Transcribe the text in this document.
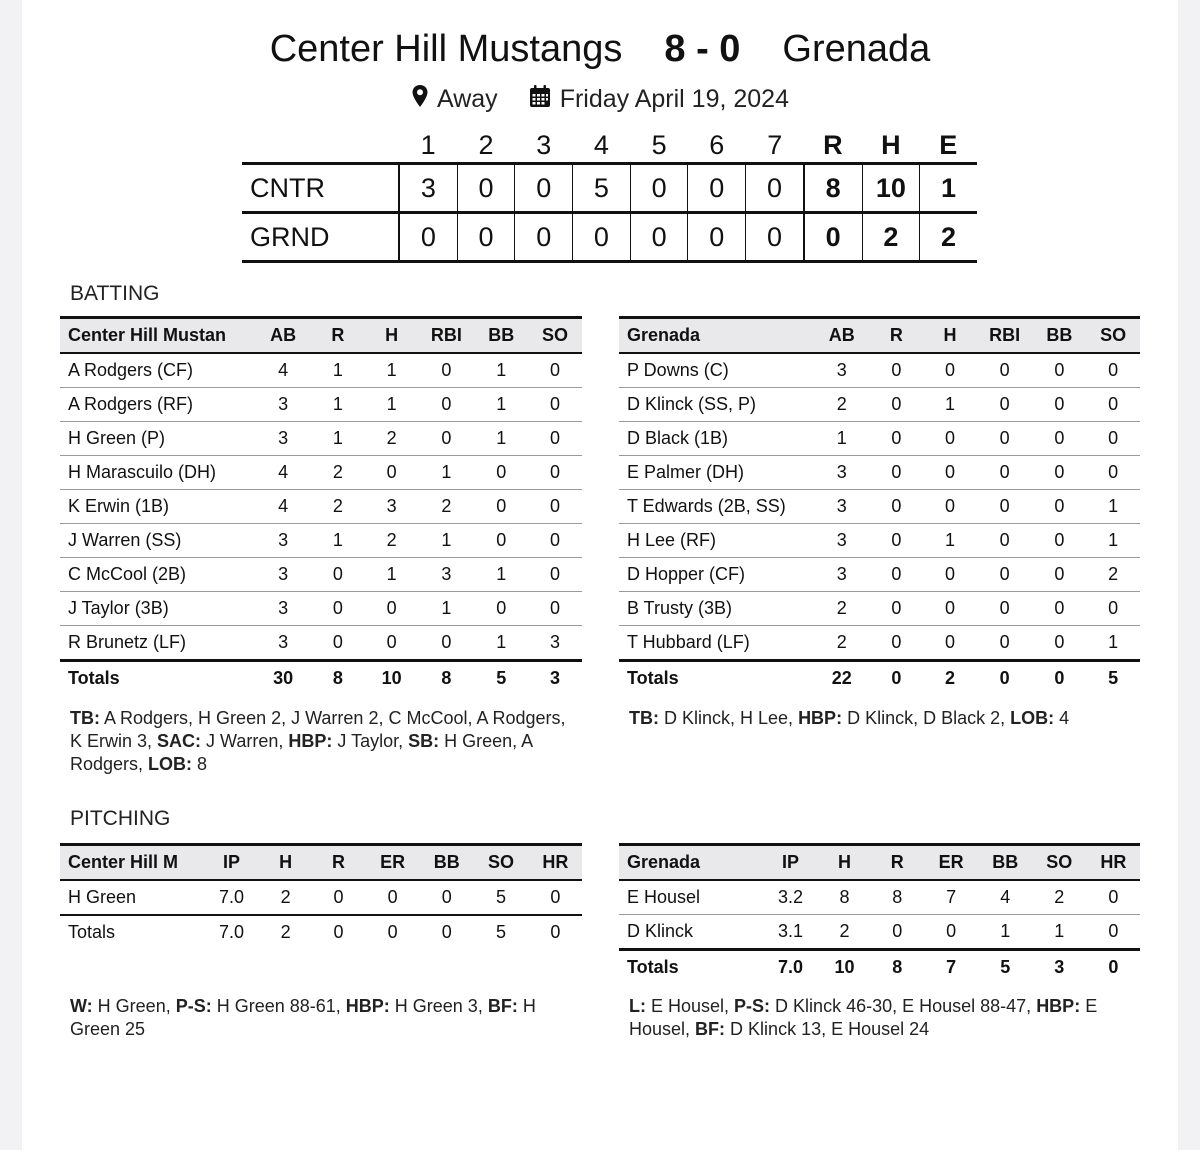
Center Hill Mustangs 8 - 0 Grenada
Away Friday April 19, 2024
	1	2	3	4	5	6	7	R	H	E
CNTR	3	0	0	5	0	0	0	8	10	1
GRND	0	0	0	0	0	0	0	0	2	2
BATTING
Center Hill Mustan	AB	R	H	RBI	BB	SO
A Rodgers (CF)	4	1	1	0	1	0
A Rodgers (RF)	3	1	1	0	1	0
H Green (P)	3	1	2	0	1	0
H Marascuilo (DH)	4	2	0	1	0	0
K Erwin (1B)	4	2	3	2	0	0
J Warren (SS)	3	1	2	1	0	0
C McCool (2B)	3	0	1	3	1	0
J Taylor (3B)	3	0	0	1	0	0
R Brunetz (LF)	3	0	0	0	1	3
Totals	30	8	10	8	5	3
Grenada	AB	R	H	RBI	BB	SO
P Downs (C)	3	0	0	0	0	0
D Klinck (SS, P)	2	0	1	0	0	0
D Black (1B)	1	0	0	0	0	0
E Palmer (DH)	3	0	0	0	0	0
T Edwards (2B, SS)	3	0	0	0	0	1
H Lee (RF)	3	0	1	0	0	1
D Hopper (CF)	3	0	0	0	0	2
B Trusty (3B)	2	0	0	0	0	0
T Hubbard (LF)	2	0	0	0	0	1
Totals	22	0	2	0	0	5
TB: A Rodgers, H Green 2, J Warren 2, C McCool, A Rodgers, K Erwin 3, SAC: J Warren, HBP: J Taylor, SB: H Green, A Rodgers, LOB: 8
TB: D Klinck, H Lee, HBP: D Klinck, D Black 2, LOB: 4
PITCHING
Center Hill M	IP	H	R	ER	BB	SO	HR
H Green	7.0	2	0	0	0	5	0
Totals	7.0	2	0	0	0	5	0
Grenada	IP	H	R	ER	BB	SO	HR
E Housel	3.2	8	8	7	4	2	0
D Klinck	3.1	2	0	0	1	1	0
Totals	7.0	10	8	7	5	3	0
W: H Green, P-S: H Green 88-61, HBP: H Green 3, BF: H Green 25
L: E Housel, P-S: D Klinck 46-30, E Housel 88-47, HBP: E Housel, BF: D Klinck 13, E Housel 24
